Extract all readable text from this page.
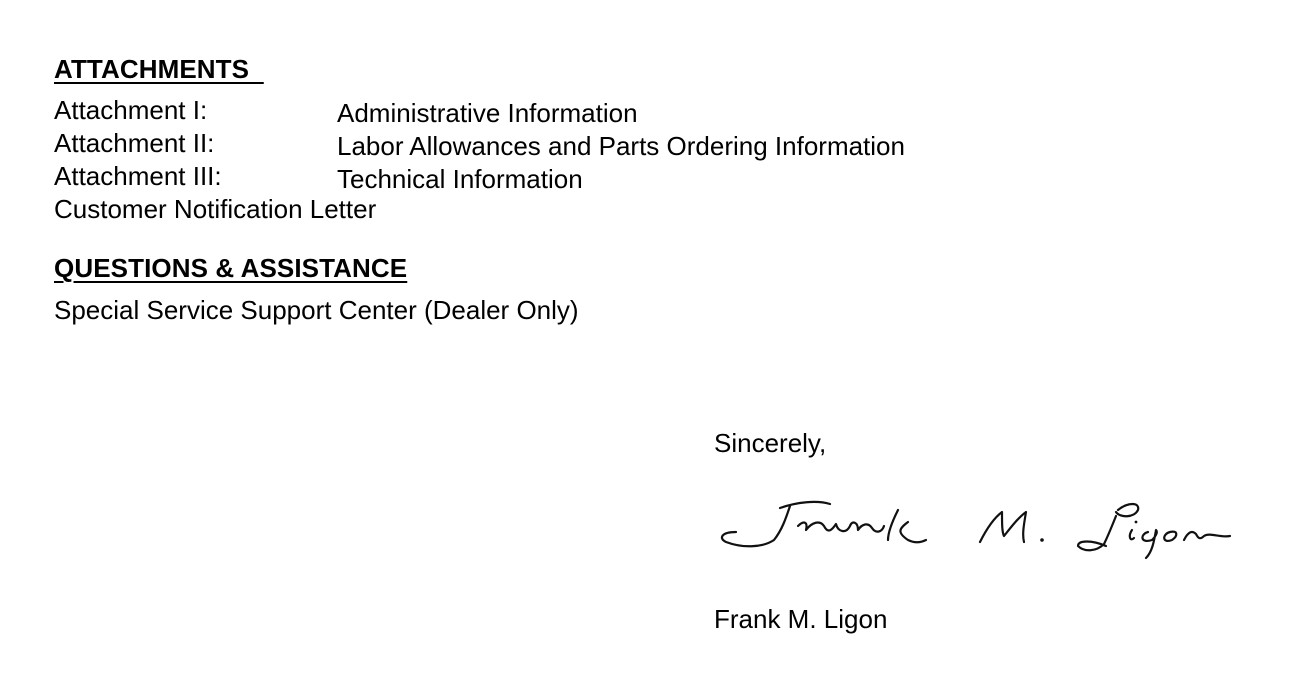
ATTACHMENTS
Attachment I:	Administrative Information
Attachment II:	Labor Allowances and Parts Ordering Information
Attachment III:	Technical Information
Customer Notification Letter
QUESTIONS & ASSISTANCE
Special Service Support Center (Dealer Only)
Sincerely,
Frank M. Ligon
